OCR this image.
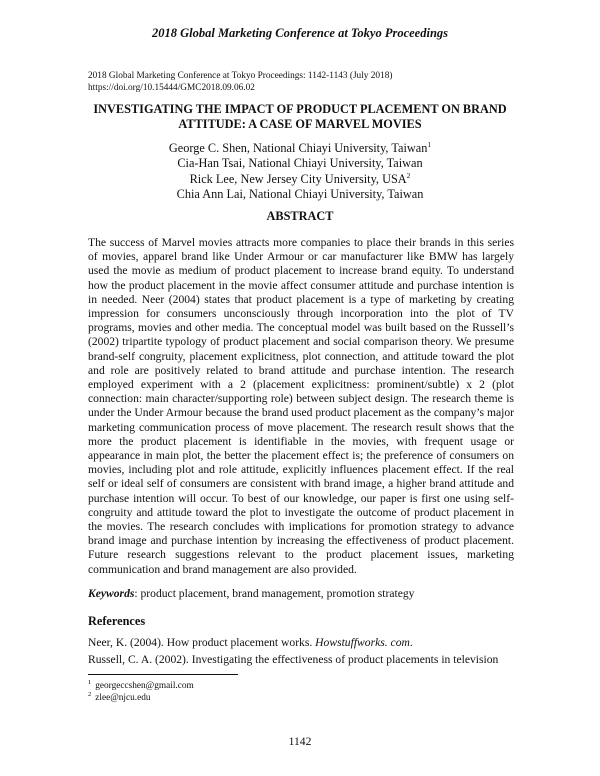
2018 Global Marketing Conference at Tokyo Proceedings
2018 Global Marketing Conference at Tokyo Proceedings: 1142-1143 (July 2018)
https://doi.org/10.15444/GMC2018.09.06.02
INVESTIGATING THE IMPACT OF PRODUCT PLACEMENT ON BRAND
ATTITUDE: A CASE OF MARVEL MOVIES
George C. Shen, National Chiayi University, Taiwan$^1$
Cia-Han Tsai, National Chiayi University, Taiwan
Rick Lee, New Jersey City University, USA$^2$
Chia Ann Lai, National Chiayi University, Taiwan
ABSTRACT
The success of Marvel movies attracts more companies to place their brands in this series of movies, apparel brand like Under Armour or car manufacturer like BMW has largely used the movie as medium of product placement to increase brand equity. To understand how the product placement in the movie affect consumer attitude and purchase intention is in needed. Neer (2004) states that product placement is a type of marketing by creating impression for consumers unconsciously through incorporation into the plot of TV programs, movies and other media. The conceptual model was built based on the Russell’s (2002) tripartite typology of product placement and social comparison theory. We presume brand-self congruity, placement explicitness, plot connection, and attitude toward the plot and role are positively related to brand attitude and purchase intention. The research employed experiment with a 2 (placement explicitness: prominent/subtle) x 2 (plot connection: main character/supporting role) between subject design. The research theme is under the Under Armour because the brand used product placement as the company’s major marketing communication process of move placement. The research result shows that the more the product placement is identifiable in the movies, with frequent usage or appearance in main plot, the better the placement effect is; the preference of consumers on movies, including plot and role attitude, explicitly influences placement effect. If the real self or ideal self of consumers are consistent with brand image, a higher brand attitude and purchase intention will occur. To best of our knowledge, our paper is first one using self-congruity and attitude toward the plot to investigate the outcome of product placement in the movies. The research concludes with implications for promotion strategy to advance brand image and purchase intention by increasing the effectiveness of product placement. Future research suggestions relevant to the product placement issues, marketing communication and brand management are also provided.
Keywords: product placement, brand management, promotion strategy
References
Neer, K. (2004). How product placement works. Howstuffworks. com.
Russell, C. A. (2002). Investigating the effectiveness of product placements in television
$^1$ georgeccshen@gmail.com
$^2$ zlee@njcu.edu
1142
